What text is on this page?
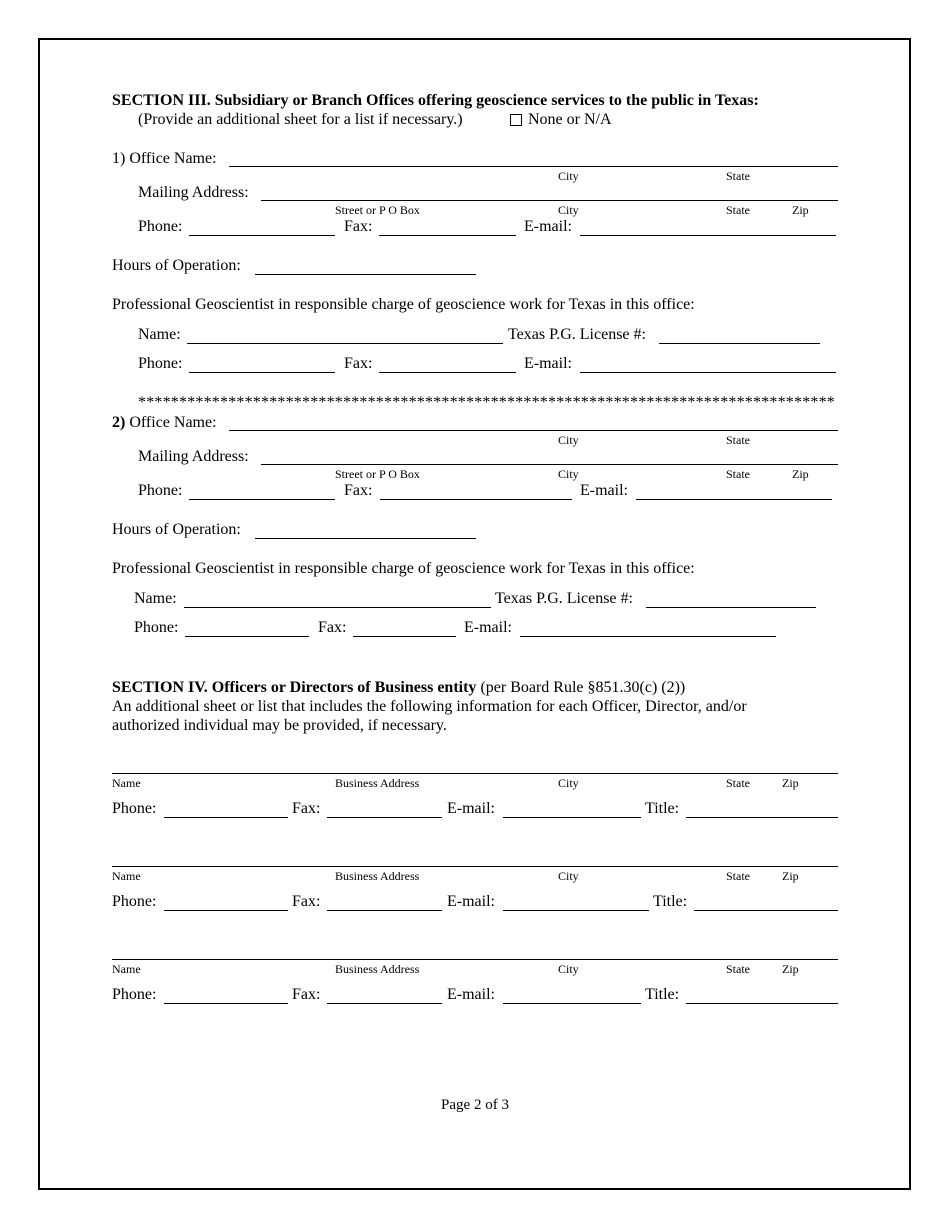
SECTION III. Subsidiary or Branch Offices offering geoscience services to the public in Texas:
(Provide an additional sheet for a list if necessary.)	None or N/A
1) Office Name:
City	State
Mailing Address:
Street or P O Box	City	State	Zip
Phone:	Fax:	E-mail:
Hours of Operation:
Professional Geoscientist in responsible charge of geoscience work for Texas in this office:
Name:	Texas P.G. License #:
Phone:	Fax:	E-mail:
*************************************************************************************
2) Office Name:
City	State
Mailing Address:
Street or P O Box	City	State	Zip
Phone:	Fax:	E-mail:
Hours of Operation:
Professional Geoscientist in responsible charge of geoscience work for Texas in this office:
Name:	Texas P.G. License #:
Phone:	Fax:	E-mail:
SECTION IV. Officers or Directors of Business entity (per Board Rule §851.30(c) (2))
An additional sheet or list that includes the following information for each Officer, Director, and/or
authorized individual may be provided, if necessary.
Name	Business Address	City	State	Zip
Phone:	Fax:	E-mail:	Title:
Name	Business Address	City	State	Zip
Phone:	Fax:	E-mail:	Title:
Name	Business Address	City	State	Zip
Phone:	Fax:	E-mail:	Title:
Page 2 of 3
